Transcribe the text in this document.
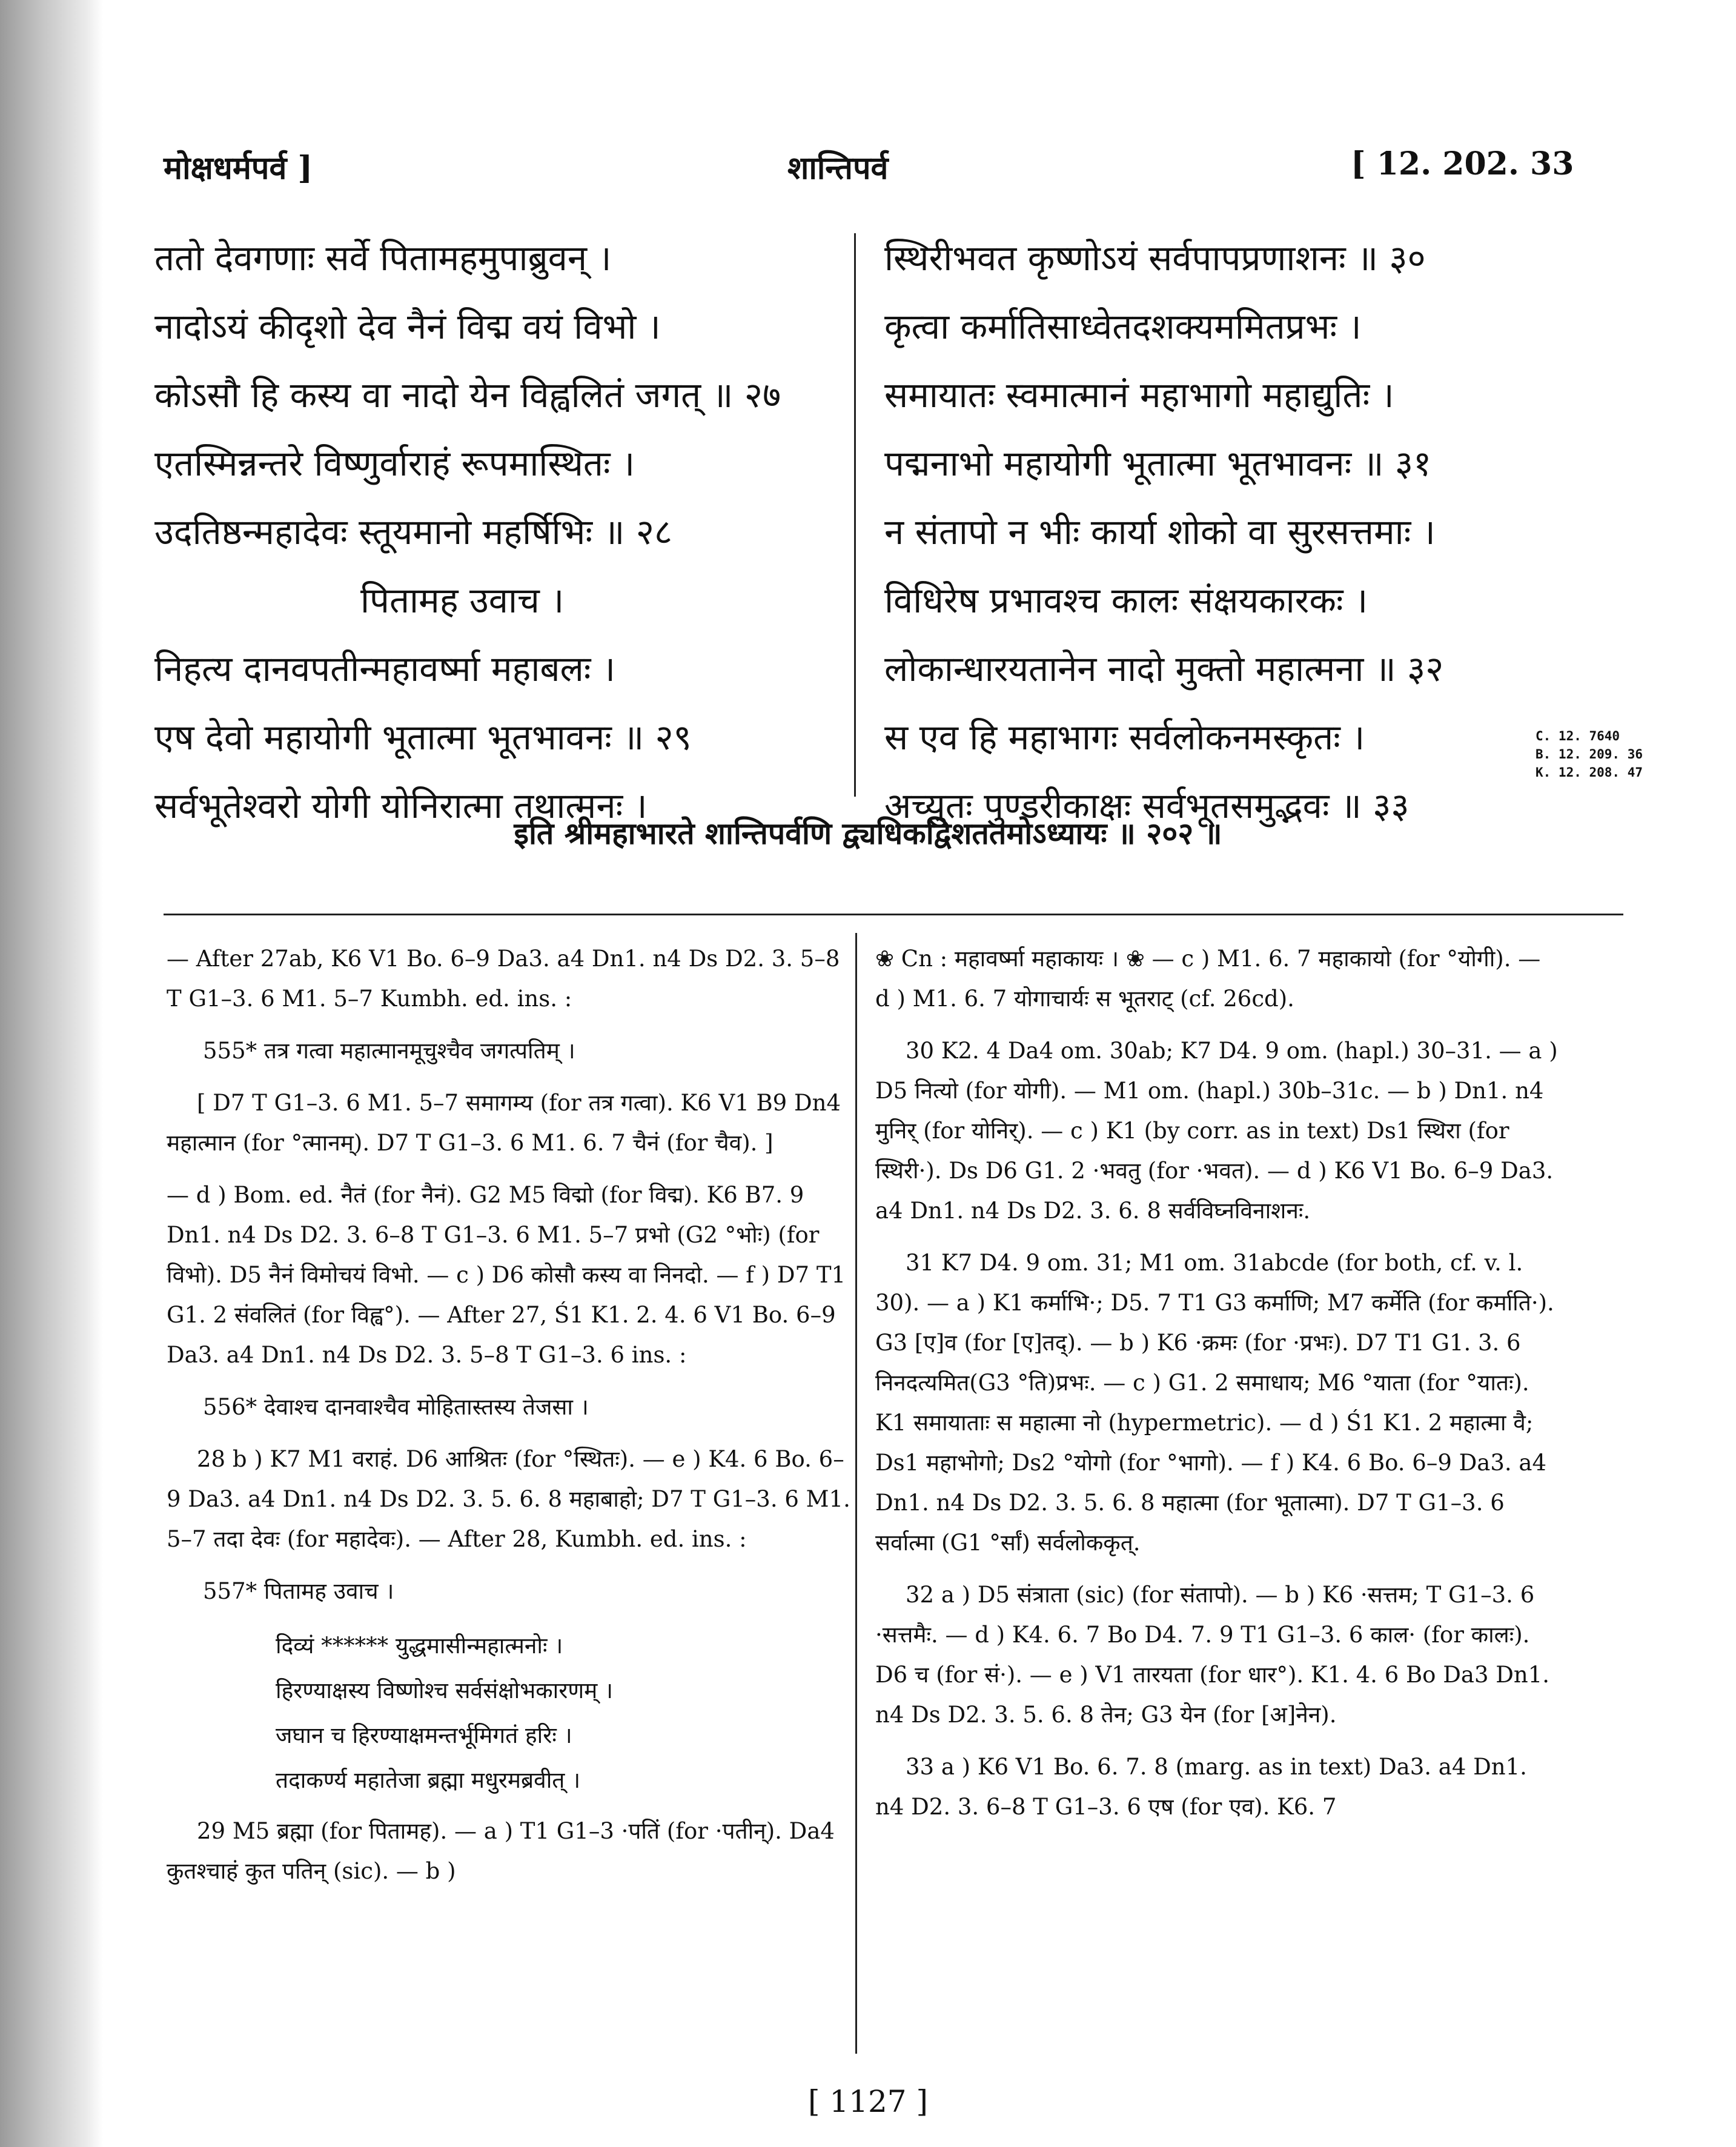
मोक्षधर्मपर्व ]	शान्तिपर्व	[ 12. 202. 33
ततो देवगणाः सर्वे पितामहमुपाब्रुवन् ।
नादोऽयं कीदृशो देव नैनं विद्म वयं विभो ।
कोऽसौ हि कस्य वा नादो येन विह्वलितं जगत् ॥ २७
एतस्मिन्नन्तरे विष्णुर्वाराहं रूपमास्थितः ।
उदतिष्ठन्महादेवः स्तूयमानो महर्षिभिः ॥ २८
पितामह उवाच ।
निहत्य दानवपतीन्महावर्ष्मा महाबलः ।
एष देवो महायोगी भूतात्मा भूतभावनः ॥ २९
सर्वभूतेश्वरो योगी योनिरात्मा तथात्मनः ।
स्थिरीभवत कृष्णोऽयं सर्वपापप्रणाशनः ॥ ३०
कृत्वा कर्मातिसाध्वेतदशक्यममितप्रभः ।
समायातः स्वमात्मानं महाभागो महाद्युतिः ।
पद्मनाभो महायोगी भूतात्मा भूतभावनः ॥ ३१
न संतापो न भीः कार्या शोको वा सुरसत्तमाः ।
विधिरेष प्रभावश्च कालः संक्षयकारकः ।
लोकान्धारयतानेन नादो मुक्तो महात्मना ॥ ३२
स एव हि महाभागः सर्वलोकनमस्कृतः ।
अच्युतः पुण्डरीकाक्षः सर्वभूतसमुद्भवः ॥ ३३
C. 12. 7640
B. 12. 209. 36
K. 12. 208. 47
इति श्रीमहाभारते शान्तिपर्वणि द्व्यधिकद्विशततमोऽध्यायः ॥ २०२ ॥

— After 27ab, K6 V1 Bo. 6–9 Da3. a4 Dn1. n4 Ds D2. 3. 5–8 T G1–3. 6 M1. 5–7 Kumbh. ed. ins. :

555* तत्र गत्वा महात्मानमूचुश्चैव जगत्पतिम् ।

[ D7 T G1–3. 6 M1. 5–7 समागम्य (for तत्र गत्वा). K6 V1 B9 Dn4 महात्मान (for °त्मानम्). D7 T G1–3. 6 M1. 6. 7 चैनं (for चैव). ]

— d ) Bom. ed. नैतं (for नैनं). G2 M5 विद्मो (for विद्म). K6 B7. 9 Dn1. n4 Ds D2. 3. 6–8 T G1–3. 6 M1. 5–7 प्रभो (G2 °भोः) (for विभो). D5 नैनं विमोचयं विभो. — c ) D6 कोसौ कस्य वा निनदो. — f ) D7 T1 G1. 2 संवलितं (for विह्व°). — After 27, Ś1 K1. 2. 4. 6 V1 Bo. 6–9 Da3. a4 Dn1. n4 Ds D2. 3. 5–8 T G1–3. 6 ins. :

556* देवाश्च दानवाश्चैव मोहितास्तस्य तेजसा ।

28 b ) K7 M1 वराहं. D6 आश्रितः (for °स्थितः). — e ) K4. 6 Bo. 6–9 Da3. a4 Dn1. n4 Ds D2. 3. 5. 6. 8 महाबाहो; D7 T G1–3. 6 M1. 5–7 तदा देवः (for महादेवः). — After 28, Kumbh. ed. ins. :

557* पितामह उवाच ।

दिव्यं ****** युद्धमासीन्महात्मनोः ।
हिरण्याक्षस्य विष्णोश्च सर्वसंक्षोभकारणम् ।
जघान च हिरण्याक्षमन्तर्भूमिगतं हरिः ।
तदाकर्ण्य महातेजा ब्रह्मा मधुरमब्रवीत् ।

29 M5 ब्रह्मा (for पितामह). — a ) T1 G1–3 ·पतिं (for ·पतीन्). Da4 कुतश्चाहं कुत पतिन् (sic). — b )

❀ Cn : महावर्ष्मा महाकायः । ❀ — c ) M1. 6. 7 महाकायो (for °योगी). — d ) M1. 6. 7 योगाचार्यः स भूतराट् (cf. 26cd).

30 K2. 4 Da4 om. 30ab; K7 D4. 9 om. (hapl.) 30–31. — a ) D5 नित्यो (for योगी). — M1 om. (hapl.) 30b–31c. — b ) Dn1. n4 मुनिर् (for योनिर्). — c ) K1 (by corr. as in text) Ds1 स्थिरा (for स्थिरी·). Ds D6 G1. 2 ·भवतु (for ·भवत). — d ) K6 V1 Bo. 6–9 Da3. a4 Dn1. n4 Ds D2. 3. 6. 8 सर्वविघ्नविनाशनः.

31 K7 D4. 9 om. 31; M1 om. 31abcde (for both, cf. v. l. 30). — a ) K1 कर्माभि·; D5. 7 T1 G3 कर्माणि; M7 कर्मेति (for कर्माति·). G3 [ए]व (for [ए]तद्). — b ) K6 ·क्रमः (for ·प्रभः). D7 T1 G1. 3. 6 निनदत्यमित(G3 °ति)प्रभः. — c ) G1. 2 समाधाय; M6 °याता (for °यातः). K1 समायाताः स महात्मा नो (hypermetric). — d ) Ś1 K1. 2 महात्मा वै; Ds1 महाभोगो; Ds2 °योगो (for °भागो). — f ) K4. 6 Bo. 6–9 Da3. a4 Dn1. n4 Ds D2. 3. 5. 6. 8 महात्मा (for भूतात्मा). D7 T G1–3. 6 सर्वात्मा (G1 °र्सां) सर्वलोककृत्.

32 a ) D5 संत्राता (sic) (for संतापो). — b ) K6 ·सत्तम; T G1–3. 6 ·सत्तमैः. — d ) K4. 6. 7 Bo D4. 7. 9 T1 G1–3. 6 काल· (for कालः). D6 च (for सं·). — e ) V1 तारयता (for धार°). K1. 4. 6 Bo Da3 Dn1. n4 Ds D2. 3. 5. 6. 8 तेन; G3 येन (for [अ]नेन).

33 a ) K6 V1 Bo. 6. 7. 8 (marg. as in text) Da3. a4 Dn1. n4 D2. 3. 6–8 T G1–3. 6 एष (for एव). K6. 7

[ 1127 ]
